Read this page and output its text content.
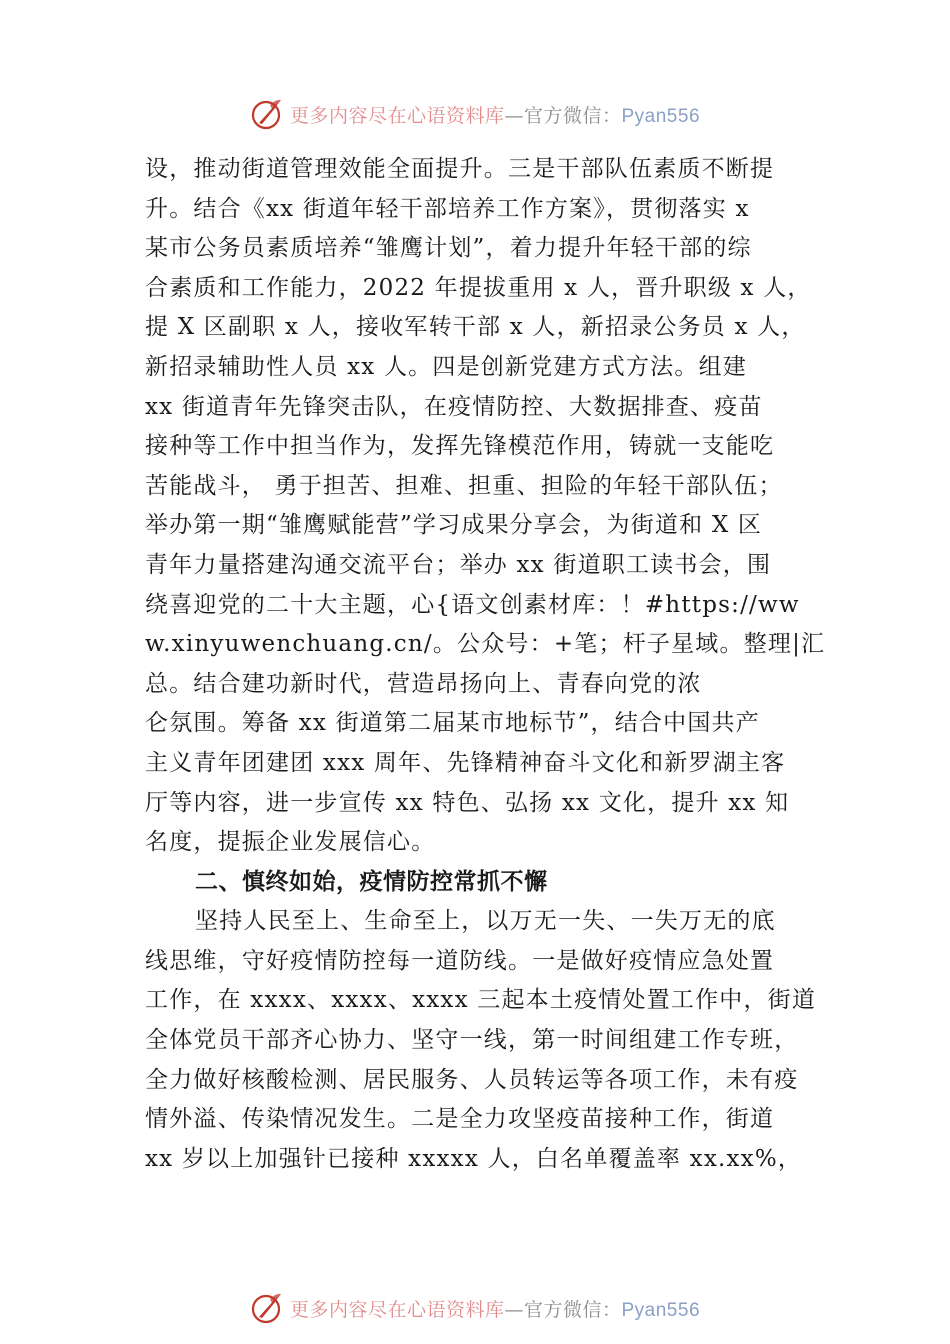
更多内容尽在心语资料库—官方微信：Pyan556
设，推动街道管理效能全面提升。三是干部队伍素质不断提
升。结合《xx 街道年轻干部培养工作方案》，贯彻落实 x
某市公务员素质培养“雏鹰计划”，着力提升年轻干部的综
合素质和工作能力，2022 年提拔重用 x 人，晋升职级 x 人，
提 X 区副职 x 人，接收军转干部 x 人，新招录公务员 x 人，
新招录辅助性人员 xx 人。四是创新党建方式方法。组建
xx 街道青年先锋突击队，在疫情防控、大数据排查、疫苗
接种等工作中担当作为，发挥先锋模范作用，铸就一支能吃
苦能战斗， 勇于担苦、担难、担重、担险的年轻干部队伍；
举办第一期“雏鹰赋能营”学习成果分享会，为街道和 X 区
青年力量搭建沟通交流平台；举办 xx 街道职工读书会，围
绕喜迎党的二十大主题，心{语文创素材库：！#https://ww
w.xinyuwenchuang.cn/。公众号：+笔；杆子星域。整理|汇
总。结合建功新时代，营造昂扬向上、青春向党的浓
仑氛围。筹备 xx 街道第二届某市地标节”，结合中国共产
主义青年团建团 xxx 周年、先锋精神奋斗文化和新罗湖主客
厅等内容，进一步宣传 xx 特色、弘扬 xx 文化，提升 xx 知
名度，提振企业发展信心。
二、慎终如始，疫情防控常抓不懈
坚持人民至上、生命至上，以万无一失、一失万无的底
线思维，守好疫情防控每一道防线。一是做好疫情应急处置
工作，在 xxxx、xxxx、xxxx 三起本土疫情处置工作中，街道
全体党员干部齐心协力、坚守一线，第一时间组建工作专班，
全力做好核酸检测、居民服务、人员转运等各项工作，未有疫
情外溢、传染情况发生。二是全力攻坚疫苗接种工作，街道
xx 岁以上加强针已接种 xxxxx 人，白名单覆盖率 xx.xx%，
更多内容尽在心语资料库—官方微信：Pyan556
